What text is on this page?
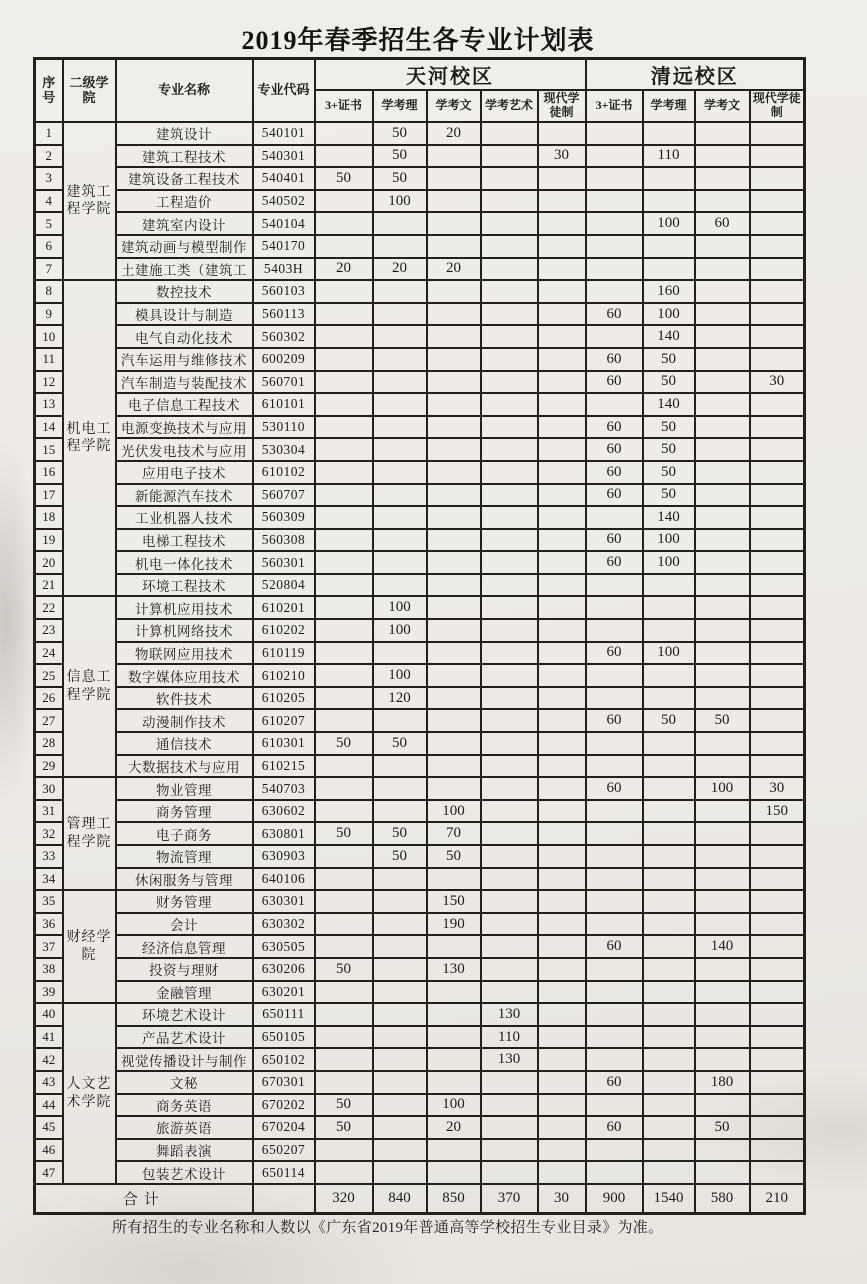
2019年春季招生各专业计划表
序号	二级学院	专业名称	专业代码	天河校区					清远校区			
				3+证书	学考理	学考文	学考艺术	现代学徒制	3+证书	学考理	学考文	现代学徒制
1	建筑工程学院	建筑设计	540101		50	20						
2		建筑工程技术	540301		50			30		110		
3		建筑设备工程技术	540401	50	50							
4		工程造价	540502		100							
5		建筑室内设计	540104							100	60	
6		建筑动画与模型制作	540170									
7		土建施工类（建筑工	5403H	20	20	20						
8	机电工程学院	数控技术	560103							160		
9		模具设计与制造	560113						60	100		
10		电气自动化技术	560302							140		
11		汽车运用与维修技术	600209						60	50		
12		汽车制造与装配技术	560701						60	50		30
13		电子信息工程技术	610101							140		
14		电源变换技术与应用	530110						60	50		
15		光伏发电技术与应用	530304						60	50		
16		应用电子技术	610102						60	50		
17		新能源汽车技术	560707						60	50		
18		工业机器人技术	560309							140		
19		电梯工程技术	560308						60	100		
20		机电一体化技术	560301						60	100		
21		环境工程技术	520804									
22	信息工程学院	计算机应用技术	610201		100							
23		计算机网络技术	610202		100							
24		物联网应用技术	610119						60	100		
25		数字媒体应用技术	610210		100							
26		软件技术	610205		120							
27		动漫制作技术	610207						60	50	50	
28		通信技术	610301	50	50							
29		大数据技术与应用	610215									
30	管理工程学院	物业管理	540703						60		100	30
31		商务管理	630602			100						150
32		电子商务	630801	50	50	70						
33		物流管理	630903		50	50						
34		休闲服务与管理	640106									
35	财经学院	财务管理	630301			150						
36		会计	630302			190						
37		经济信息管理	630505						60		140	
38		投资与理财	630206	50		130						
39		金融管理	630201									
40	人文艺术学院	环境艺术设计	650111				130					
41		产品艺术设计	650105				110					
42		视觉传播设计与制作	650102				130					
43		文秘	670301						60		180	
44		商务英语	670202	50		100						
45		旅游英语	670204	50		20			60		50	
46		舞蹈表演	650207									
47		包装艺术设计	650114									
合计				320	840	850	370	30	900	1540	580	210

所有招生的专业名称和人数以《广东省2019年普通高等学校招生专业目录》为准。
